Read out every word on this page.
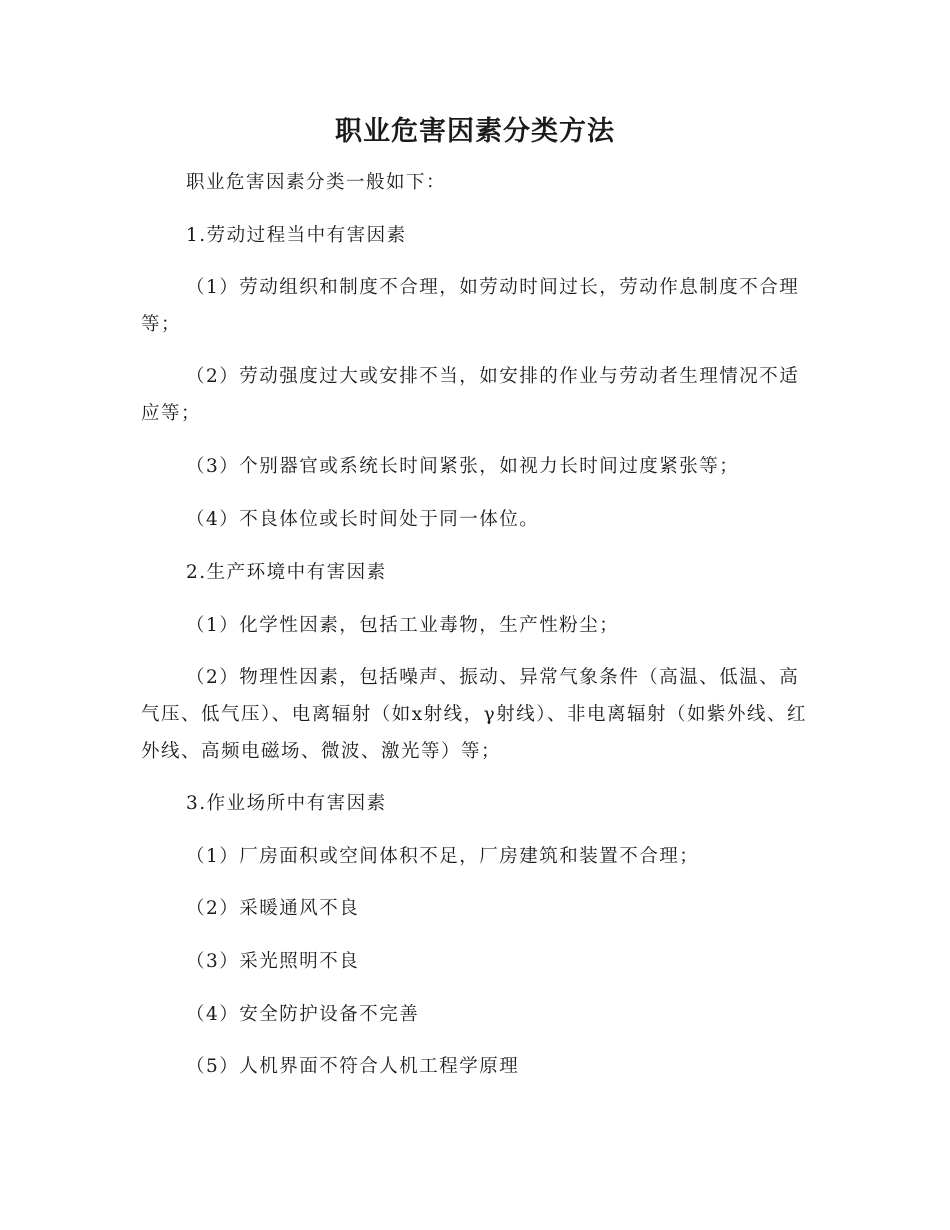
职业危害因素分类方法

职业危害因素分类一般如下：

1.劳动过程当中有害因素

（1）劳动组织和制度不合理，如劳动时间过长，劳动作息制度不合理等；

（2）劳动强度过大或安排不当，如安排的作业与劳动者生理情况不适应等；

（3）个别器官或系统长时间紧张，如视力长时间过度紧张等；

（4）不良体位或长时间处于同一体位。

2.生产环境中有害因素

（1）化学性因素，包括工业毒物，生产性粉尘；

（2）物理性因素，包括噪声、振动、异常气象条件（高温、低温、高气压、低气压）、电离辐射（如x射线，γ射线）、非电离辐射（如紫外线、红外线、高频电磁场、微波、激光等）等；

3.作业场所中有害因素

（1）厂房面积或空间体积不足，厂房建筑和装置不合理；

（2）采暖通风不良

（3）采光照明不良

（4）安全防护设备不完善

（5）人机界面不符合人机工程学原理
